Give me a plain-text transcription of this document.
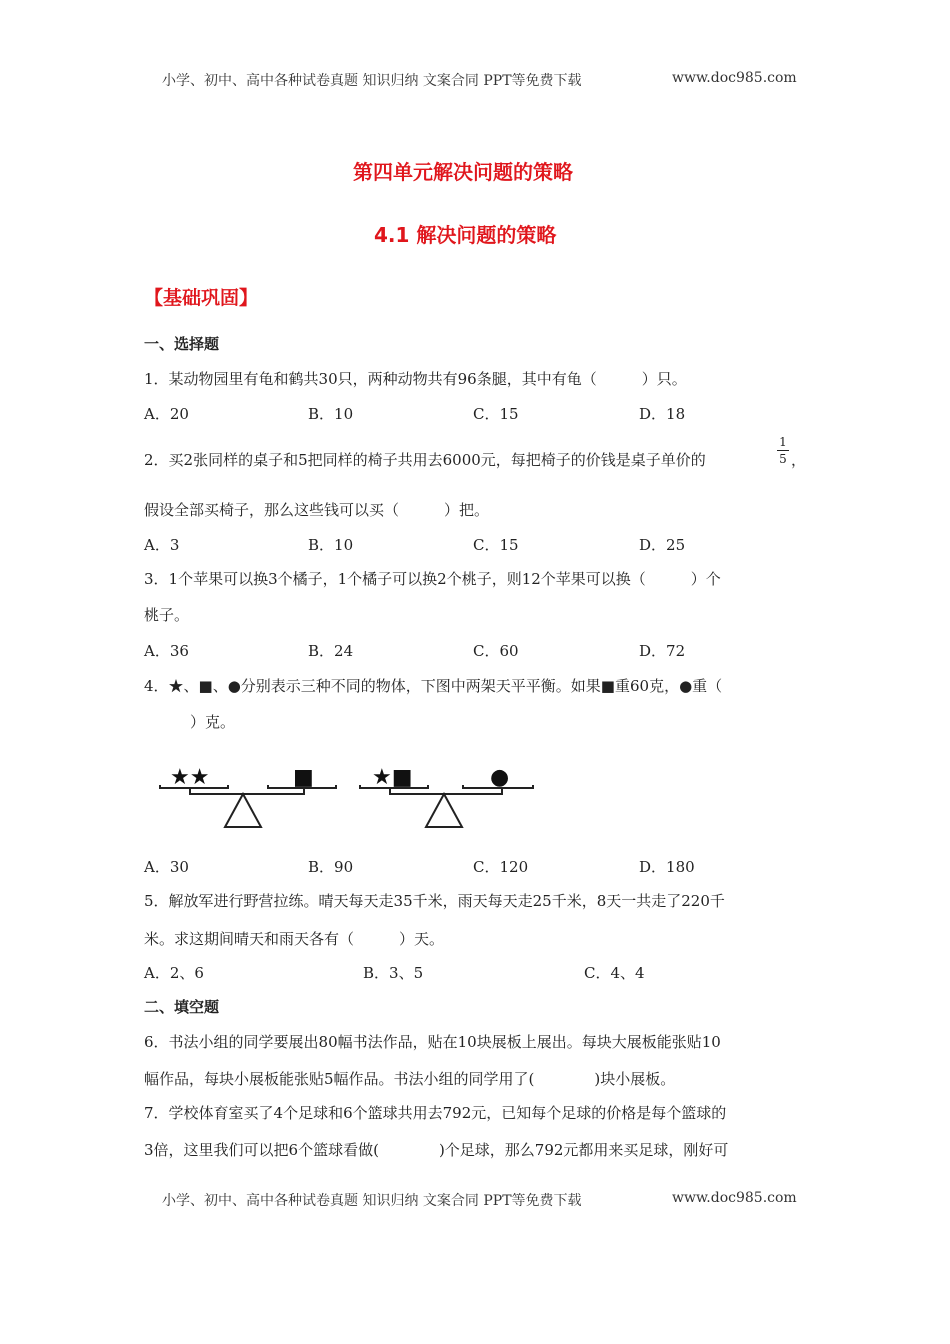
小学、初中、高中各种试卷真题 知识归纳 文案合同 PPT等免费下载	www.doc985.com
第四单元解决问题的策略
4.1 解决问题的策略
【基础巩固】
一、选择题
1．某动物园里有龟和鹤共30只，两种动物共有96条腿，其中有龟（　　　）只。
A．20	B．10	C．15	D．18
2．买2张同样的桌子和5把同样的椅子共用去6000元，每把椅子的价钱是桌子单价的
1
5 ，
假设全部买椅子，那么这些钱可以买（　　　）把。
A．3	B．10	C．15	D．25
3．1个苹果可以换3个橘子，1个橘子可以换2个桃子，则12个苹果可以换（　　　）个
桃子。
A．36	B．24	C．60	D．72
4．★、■、●分别表示三种不同的物体，下图中两架天平平衡。如果■重60克，●重（
　　）克。
★★	■	★■	●
A．30	B．90	C．120	D．180
5．解放军进行野营拉练。晴天每天走35千米，雨天每天走25千米，8天一共走了220千
米。求这期间晴天和雨天各有（　　　）天。
A．2、6	B．3、5	C．4、4
二、填空题
6．书法小组的同学要展出80幅书法作品，贴在10块展板上展出。每块大展板能张贴10
幅作品，每块小展板能张贴5幅作品。书法小组的同学用了(　　　　)块小展板。
7．学校体育室买了4个足球和6个篮球共用去792元，已知每个足球的价格是每个篮球的
3倍，这里我们可以把6个篮球看做(　　　　)个足球，那么792元都用来买足球，刚好可
小学、初中、高中各种试卷真题 知识归纳 文案合同 PPT等免费下载	www.doc985.com
